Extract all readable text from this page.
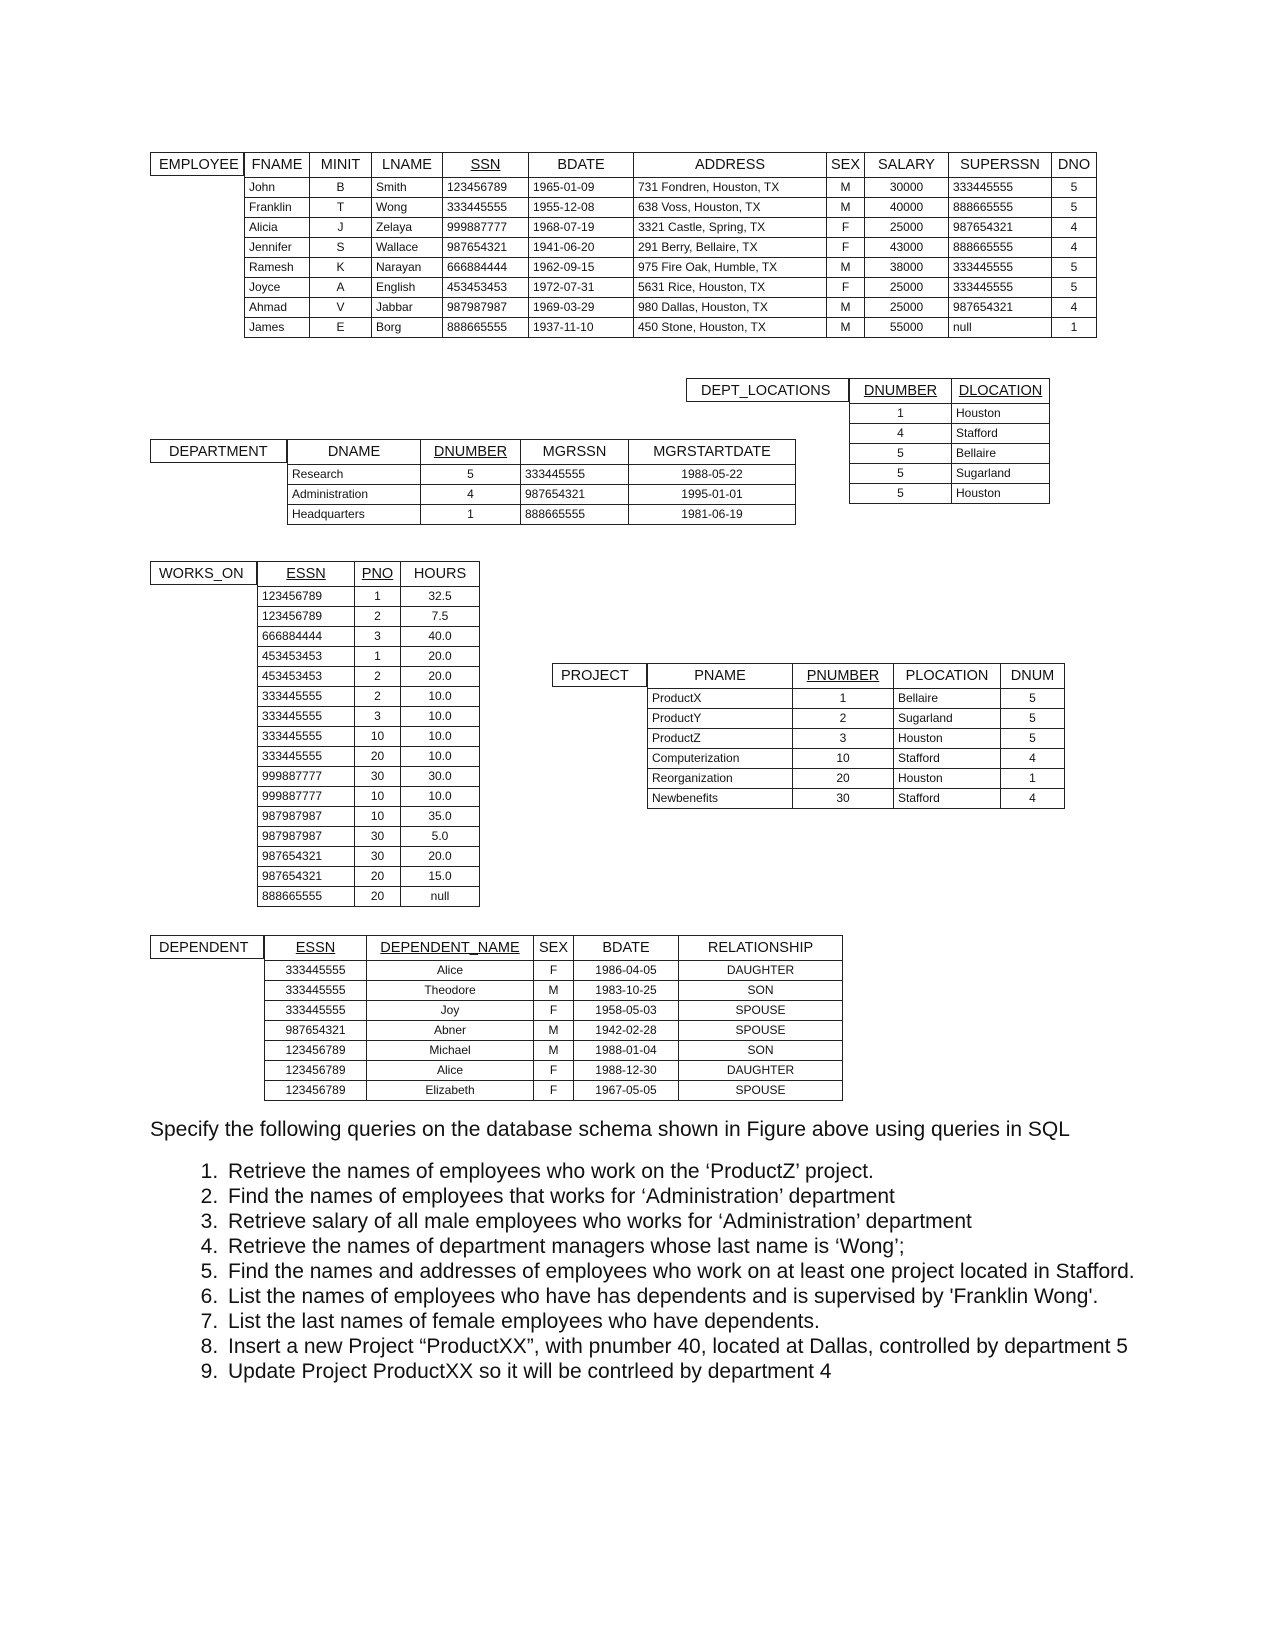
EMPLOYEE FNAME	MINIT	LNAME	SSN	BDATE	ADDRESS	SEX	SALARY	SUPERSSN	DNO
John	B	Smith	123456789	1965-01-09	731 Fondren, Houston, TX	M	30000	333445555	5
Franklin	T	Wong	333445555	1955-12-08	638 Voss, Houston, TX	M	40000	888665555	5
Alicia	J	Zelaya	999887777	1968-07-19	3321 Castle, Spring, TX	F	25000	987654321	4
Jennifer	S	Wallace	987654321	1941-06-20	291 Berry, Bellaire, TX	F	43000	888665555	4
Ramesh	K	Narayan	666884444	1962-09-15	975 Fire Oak, Humble, TX	M	38000	333445555	5
Joyce	A	English	453453453	1972-07-31	5631 Rice, Houston, TX	F	25000	333445555	5
Ahmad	V	Jabbar	987987987	1969-03-29	980 Dallas, Houston, TX	M	25000	987654321	4
James	E	Borg	888665555	1937-11-10	450 Stone, Houston, TX	M	55000	null	1
DEPT_LOCATIONS	DNUMBER	DLOCATION
1	Houston
4	Stafford
5	Bellaire
5	Sugarland
5	Houston
DEPARTMENT	DNAME	DNUMBER	MGRSSN	MGRSTARTDATE
Research	5	333445555	1988-05-22
Administration	4	987654321	1995-01-01
Headquarters	1	888665555	1981-06-19
WORKS_ON	ESSN	PNO	HOURS
123456789	1	32.5
123456789	2	7.5
666884444	3	40.0
453453453	1	20.0
453453453	2	20.0
333445555	2	10.0
333445555	3	10.0
333445555	10	10.0
333445555	20	10.0
999887777	30	30.0
999887777	10	10.0
987987987	10	35.0
987987987	30	5.0
987654321	30	20.0
987654321	20	15.0
888665555	20	null
PROJECT	PNAME	PNUMBER	PLOCATION	DNUM
ProductX	1	Bellaire	5
ProductY	2	Sugarland	5
ProductZ	3	Houston	5
Computerization	10	Stafford	4
Reorganization	20	Houston	1
Newbenefits	30	Stafford	4
DEPENDENT	ESSN	DEPENDENT_NAME	SEX	BDATE	RELATIONSHIP
333445555	Alice	F	1986-04-05	DAUGHTER
333445555	Theodore	M	1983-10-25	SON
333445555	Joy	F	1958-05-03	SPOUSE
987654321	Abner	M	1942-02-28	SPOUSE
123456789	Michael	M	1988-01-04	SON
123456789	Alice	F	1988-12-30	DAUGHTER
123456789	Elizabeth	F	1967-05-05	SPOUSE

Specify the following queries on the database schema shown in Figure above using queries in SQL

1. Retrieve the names of employees who work on the ‘ProductZ’ project.
2. Find the names of employees that works for ‘Administration’ department
3. Retrieve salary of all male employees who works for ‘Administration’ department
4. Retrieve the names of department managers whose last name is ‘Wong’;
5. Find the names and addresses of employees who work on at least one project located in Stafford.
6. List the names of employees who have has dependents and is supervised by 'Franklin Wong'.
7. List the last names of female employees who have dependents.
8. Insert a new Project “ProductXX”, with pnumber 40, located at Dallas, controlled by department 5
9. Update Project ProductXX so it will be contrleed by department 4
